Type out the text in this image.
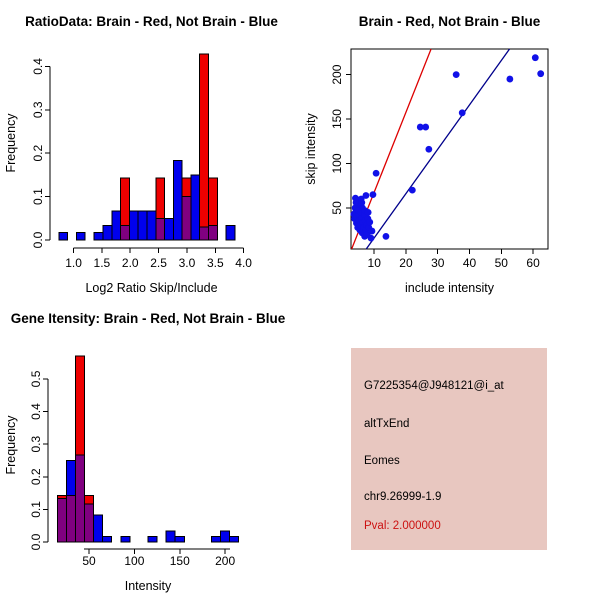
RatioData: Brain - Red, Not Brain - Blue
Log2 Ratio Skip/Include
Frequency
0.0
0.1
0.2
0.3
0.4
1.0 1.5 2.0 2.5 3.0 3.5 4.0
Brain - Red, Not Brain - Blue
include intensity
skip intensity
10 20 30 40 50 60
50
100
150
200
Gene Itensity: Brain - Red, Not Brain - Blue
Intensity
Frequency
0.0
0.1
0.2
0.3
0.4
0.5
50 100 150 200
G7225354@J948121@i_at
altTxEnd
Eomes
chr9.26999-1.9
Pval: 2.000000
